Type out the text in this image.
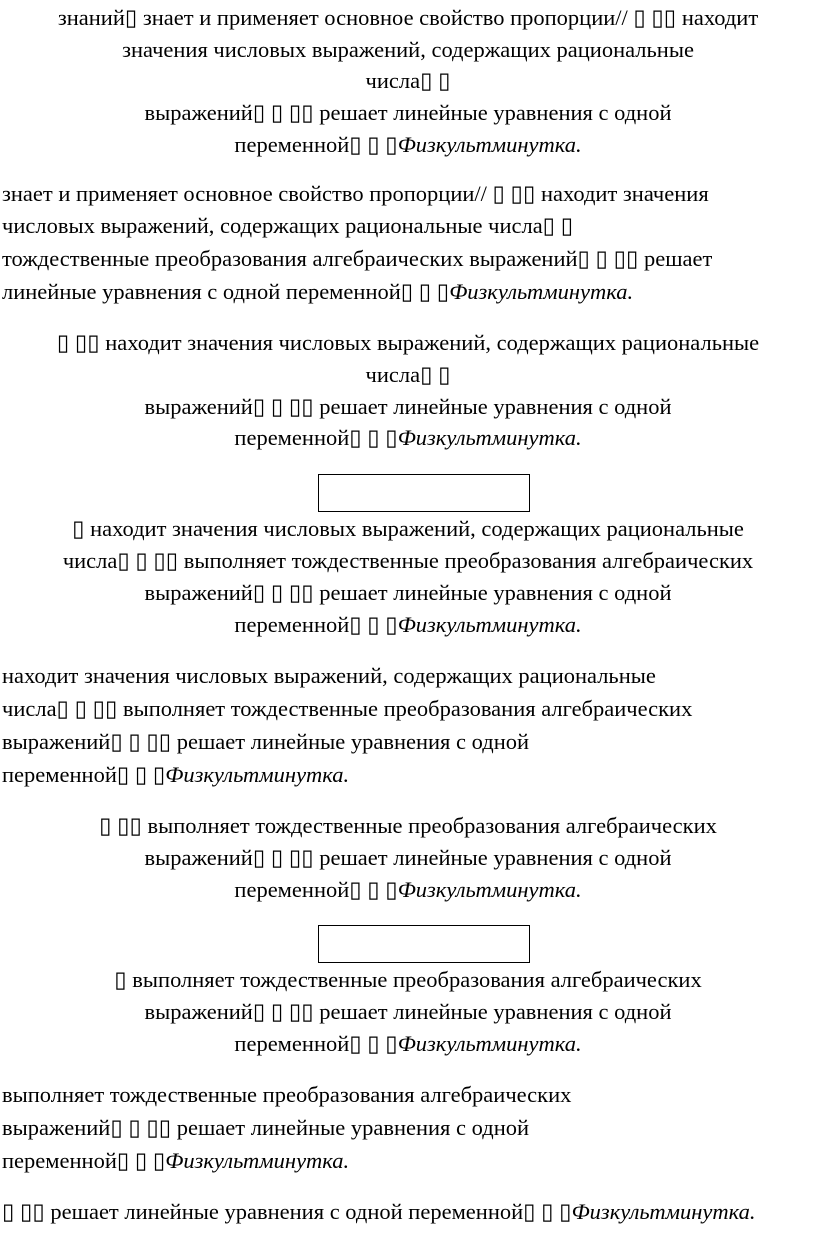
знаний▯ знает и применяет основное свойство пропорции// ▯ ▯▯ находит

значения числовых выражений, содержащих рациональные

числа▯ ▯

выражений▯ ▯ ▯▯ решает линейные уравнения с одной

переменной▯ ▯ ▯Физкультминутка.

знает и применяет основное свойство пропорции// ▯ ▯▯ находит значения

числовых выражений, содержащих рациональные числа▯ ▯

тождественные преобразования алгебраических выражений▯ ▯ ▯▯ решает

линейные уравнения с одной переменной▯ ▯ ▯Физкультминутка.

▯ ▯▯ находит значения числовых выражений, содержащих рациональные

числа▯ ▯

выражений▯ ▯ ▯▯ решает линейные уравнения с одной

переменной▯ ▯ ▯Физкультминутка.

▯ находит значения числовых выражений, содержащих рациональные

числа▯ ▯ ▯▯ выполняет тождественные преобразования алгебраических

выражений▯ ▯ ▯▯ решает линейные уравнения с одной

переменной▯ ▯ ▯Физкультминутка.

находит значения числовых выражений, содержащих рациональные

числа▯ ▯ ▯▯ выполняет тождественные преобразования алгебраических

выражений▯ ▯ ▯▯ решает линейные уравнения с одной

переменной▯ ▯ ▯Физкультминутка.

▯ ▯▯ выполняет тождественные преобразования алгебраических

выражений▯ ▯ ▯▯ решает линейные уравнения с одной

переменной▯ ▯ ▯Физкультминутка.

▯ выполняет тождественные преобразования алгебраических

выражений▯ ▯ ▯▯ решает линейные уравнения с одной

переменной▯ ▯ ▯Физкультминутка.

выполняет тождественные преобразования алгебраических

выражений▯ ▯ ▯▯ решает линейные уравнения с одной

переменной▯ ▯ ▯Физкультминутка.

▯ ▯▯ решает линейные уравнения с одной переменной▯ ▯ ▯Физкультминутка.
